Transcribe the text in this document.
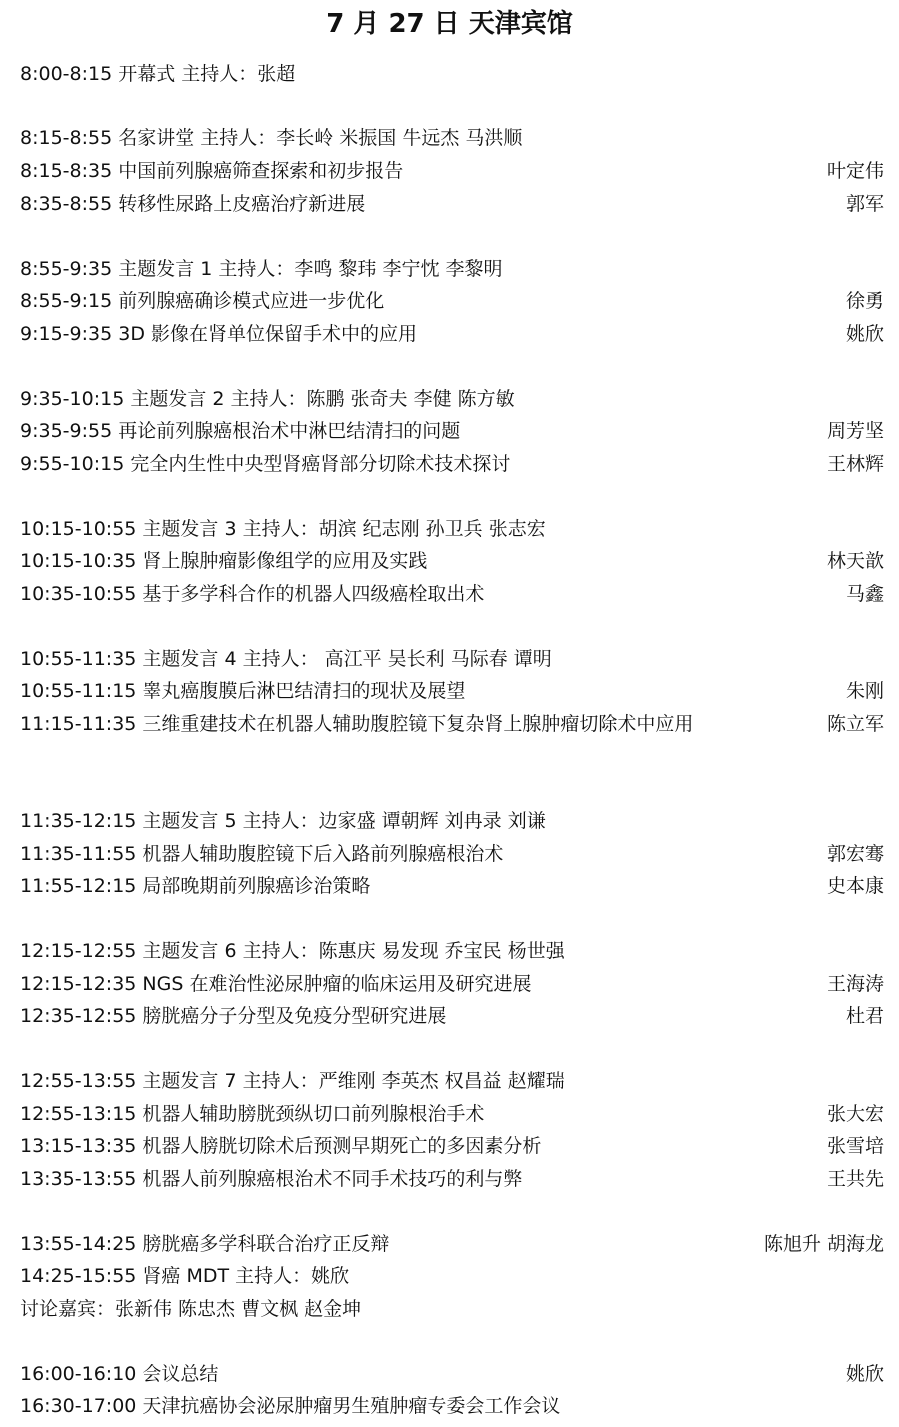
7 月 27 日 天津宾馆
8:00-8:15 开幕式 主持人：张超
8:15-8:55 名家讲堂 主持人：李长岭 米振国 牛远杰 马洪顺
8:15-8:35 中国前列腺癌筛查探索和初步报告	叶定伟
8:35-8:55 转移性尿路上皮癌治疗新进展	郭军
8:55-9:35 主题发言 1 主持人：李鸣 黎玮 李宁忱 李黎明
8:55-9:15 前列腺癌确诊模式应进一步优化	徐勇
9:15-9:35 3D 影像在肾单位保留手术中的应用	姚欣
9:35-10:15 主题发言 2 主持人：陈鹏 张奇夫 李健 陈方敏
9:35-9:55 再论前列腺癌根治术中淋巴结清扫的问题	周芳坚
9:55-10:15 完全内生性中央型肾癌肾部分切除术技术探讨	王林辉
10:15-10:55 主题发言 3 主持人：胡滨 纪志刚 孙卫兵 张志宏
10:15-10:35 肾上腺肿瘤影像组学的应用及实践	林天歆
10:35-10:55 基于多学科合作的机器人四级癌栓取出术	马鑫
10:55-11:35 主题发言 4 主持人： 高江平 吴长利 马际春 谭明
10:55-11:15 睾丸癌腹膜后淋巴结清扫的现状及展望	朱刚
11:15-11:35 三维重建技术在机器人辅助腹腔镜下复杂肾上腺肿瘤切除术中应用	陈立军
11:35-12:15 主题发言 5 主持人：边家盛 谭朝辉 刘冉录 刘谦
11:35-11:55 机器人辅助腹腔镜下后入路前列腺癌根治术	郭宏骞
11:55-12:15 局部晚期前列腺癌诊治策略	史本康
12:15-12:55 主题发言 6 主持人：陈惠庆 易发现 乔宝民 杨世强
12:15-12:35 NGS 在难治性泌尿肿瘤的临床运用及研究进展	王海涛
12:35-12:55 膀胱癌分子分型及免疫分型研究进展	杜君
12:55-13:55 主题发言 7 主持人：严维刚 李英杰 权昌益 赵耀瑞
12:55-13:15 机器人辅助膀胱颈纵切口前列腺根治手术	张大宏
13:15-13:35 机器人膀胱切除术后预测早期死亡的多因素分析	张雪培
13:35-13:55 机器人前列腺癌根治术不同手术技巧的利与弊	王共先
13:55-14:25 膀胱癌多学科联合治疗正反辩	陈旭升 胡海龙
14:25-15:55 肾癌 MDT 主持人：姚欣
讨论嘉宾：张新伟 陈忠杰 曹文枫 赵金坤
16:00-16:10 会议总结	姚欣
16:30-17:00 天津抗癌协会泌尿肿瘤男生殖肿瘤专委会工作会议
